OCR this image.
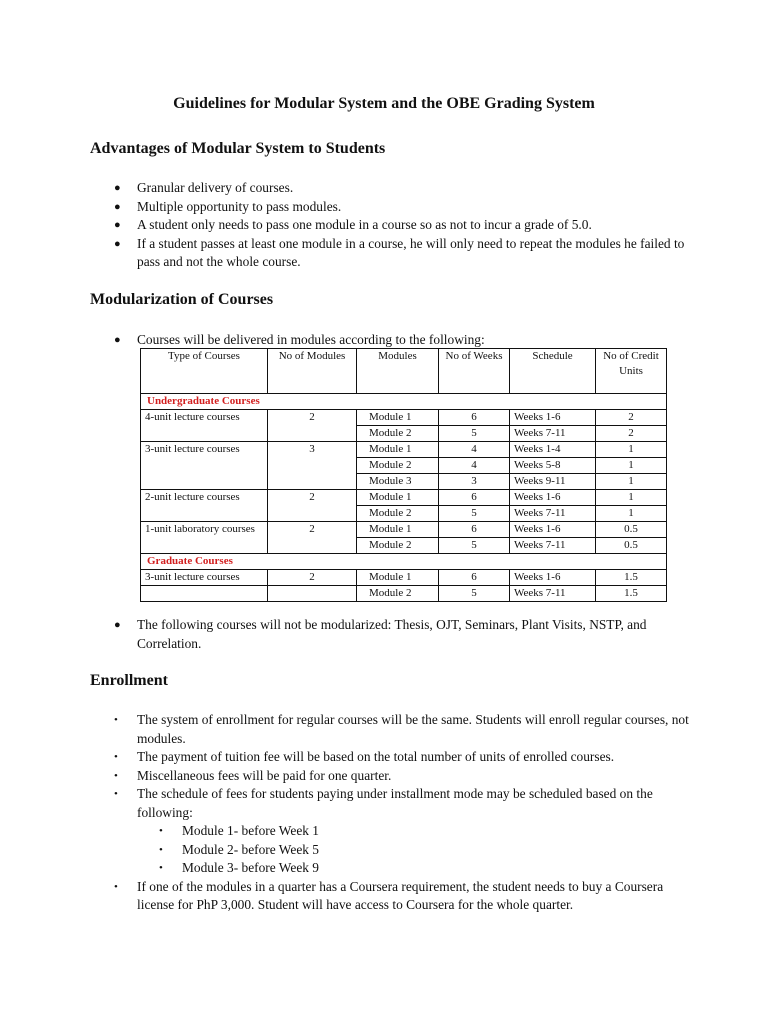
Guidelines for Modular System and the OBE Grading System
Advantages of Modular System to Students
● Granular delivery of courses.
● Multiple opportunity to pass modules.
● A student only needs to pass one module in a course so as not to incur a grade of 5.0.
● If a student passes at least one module in a course, he will only need to repeat the modules he failed to pass and not the whole course.
Modularization of Courses
● Courses will be delivered in modules according to the following:
Type of Courses	No of Modules	Modules	No of Weeks	Schedule	No of Credit Units
Undergraduate Courses					
4-unit lecture courses	2	Module 1	6	Weeks 1-6	2
		Module 2	5	Weeks 7-11	2
3-unit lecture courses	3	Module 1	4	Weeks 1-4	1
		Module 2	4	Weeks 5-8	1
		Module 3	3	Weeks 9-11	1
2-unit lecture courses	2	Module 1	6	Weeks 1-6	1
		Module 2	5	Weeks 7-11	1
1-unit laboratory courses	2	Module 1	6	Weeks 1-6	0.5
		Module 2	5	Weeks 7-11	0.5
Graduate Courses					
3-unit lecture courses	2	Module 1	6	Weeks 1-6	1.5
		Module 2	5	Weeks 7-11	1.5
● The following courses will not be modularized: Thesis, OJT, Seminars, Plant Visits, NSTP, and Correlation.
Enrollment
• The system of enrollment for regular courses will be the same. Students will enroll regular courses, not modules.
• The payment of tuition fee will be based on the total number of units of enrolled courses.
• Miscellaneous fees will be paid for one quarter.
• The schedule of fees for students paying under installment mode may be scheduled based on the following:
• Module 1- before Week 1
• Module 2- before Week 5
• Module 3- before Week 9
• If one of the modules in a quarter has a Coursera requirement, the student needs to buy a Coursera license for PhP 3,000. Student will have access to Coursera for the whole quarter.
